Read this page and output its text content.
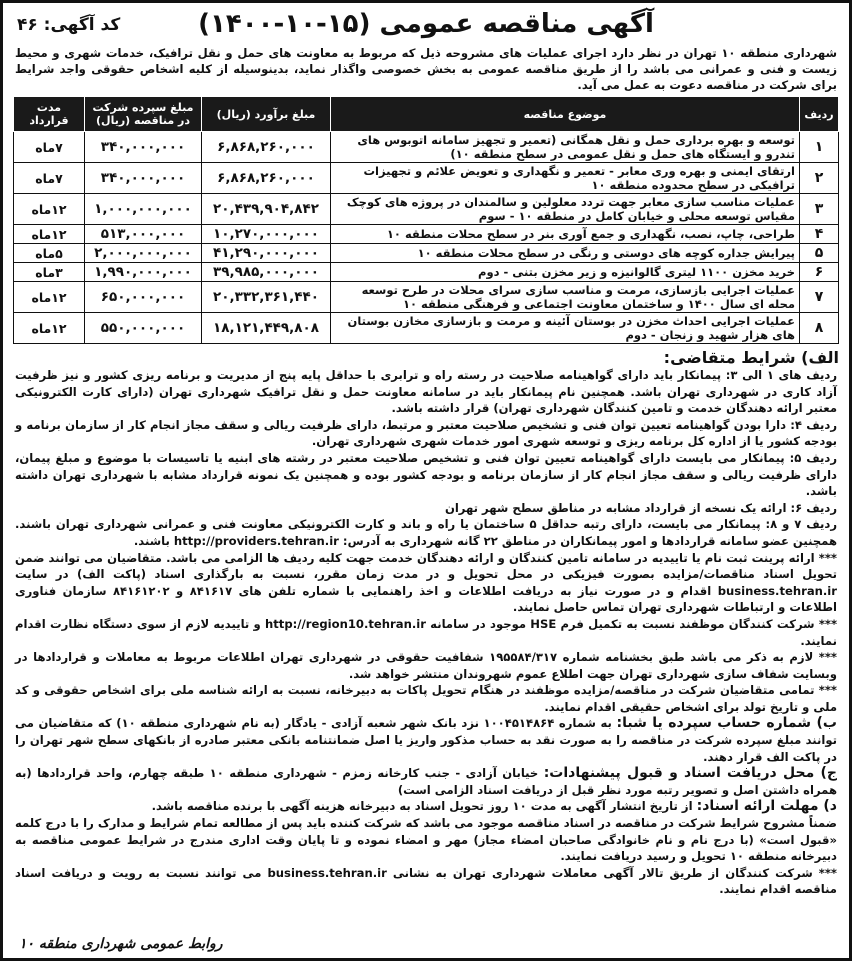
کد آگهی: ۴۶	آگهی مناقصه عمومی (۱۵-۱۰-۱۴۰۰)
شهرداری منطقه ۱۰ تهران در نظر دارد اجرای عملیات های مشروحه ذیل که مربوط به معاونت های حمل و نقل ترافیک، خدمات شهری و محیط زیست و فنی و عمرانی می باشد را از طریق مناقصه عمومی به بخش خصوصی واگذار نماید، بدینوسیله از کلیه اشخاص حقوقی واجد شرایط برای شرکت در مناقصه دعوت به عمل می آید.
ردیف	موضوع مناقصه	مبلغ برآورد (ریال)	مبلغ سپرده شرکت در مناقصه (ریال)	مدت قرارداد
۱	توسعه و بهره برداری حمل و نقل همگانی (تعمیر و تجهیز سامانه اتوبوس های تندرو و ایستگاه های حمل و نقل عمومی در سطح منطقه ۱۰)	۶,۸۶۸,۲۶۰,۰۰۰	۳۴۰,۰۰۰,۰۰۰	۷ماه
۲	ارتقای ایمنی و بهره وری معابر - تعمیر و نگهداری و تعویض علائم و تجهیزات ترافیکی در سطح محدوده منطقه ۱۰	۶,۸۶۸,۲۶۰,۰۰۰	۳۴۰,۰۰۰,۰۰۰	۷ماه
۳	عملیات مناسب سازی معابر جهت تردد معلولین و سالمندان در پروژه های کوچک مقیاس توسعه محلی و خیابان کامل در منطقه ۱۰ - سوم	۲۰,۴۳۹,۹۰۴,۸۴۲	۱,۰۰۰,۰۰۰,۰۰۰	۱۲ماه
۴	طراحی، چاپ، نصب، نگهداری و جمع آوری بنر در سطح محلات منطقه ۱۰	۱۰,۲۷۰,۰۰۰,۰۰۰	۵۱۳,۰۰۰,۰۰۰	۱۲ماه
۵	پیرایش جداره کوچه های دوستی و رنگی در سطح محلات منطقه ۱۰	۴۱,۲۹۰,۰۰۰,۰۰۰	۲,۰۰۰,۰۰۰,۰۰۰	۵ماه
۶	خرید مخزن ۱۱۰۰ لیتری گالوانیزه و زیر مخزن بتنی - دوم	۳۹,۹۸۵,۰۰۰,۰۰۰	۱,۹۹۰,۰۰۰,۰۰۰	۳ماه
۷	عملیات اجرایی بازسازی، مرمت و مناسب سازی سرای محلات در طرح توسعه محله ای سال ۱۴۰۰ و ساختمان معاونت اجتماعی و فرهنگی منطقه ۱۰	۲۰,۳۳۲,۳۶۱,۴۴۰	۶۵۰,۰۰۰,۰۰۰	۱۲ماه
۸	عملیات اجرایی احداث مخزن در بوستان آئینه و مرمت و بازسازی مخازن بوستان های هزار شهید و زنجان - دوم	۱۸,۱۲۱,۴۴۹,۸۰۸	۵۵۰,۰۰۰,۰۰۰	۱۲ماه
الف) شرایط متقاضی:
ردیف های ۱ الی ۳: پیمانکار باید دارای گواهینامه صلاحیت در رسته راه و ترابری با حداقل پایه پنج از مدیریت و برنامه ریزی کشور و نیز ظرفیت آزاد کاری در شهرداری تهران باشد. همچنین نام پیمانکار باید در سامانه معاونت حمل و نقل ترافیک شهرداری تهران (دارای کارت الکترونیکی معتبر ارائه دهندگان خدمت و تامین کنندگان شهرداری تهران) قرار داشته باشد.
ردیف ۴: دارا بودن گواهینامه تعیین توان فنی و تشخیص صلاحیت معتبر و مرتبط، دارای ظرفیت ریالی و سقف مجاز انجام کار از سازمان برنامه و بودجه کشور یا از اداره کل برنامه ریزی و توسعه شهری امور خدمات شهری شهرداری تهران.
ردیف ۵: پیمانکار می بایست دارای گواهینامه تعیین توان فنی و تشخیص صلاحیت معتبر در رشته های ابنیه یا تاسیسات با موضوع و مبلغ پیمان، دارای ظرفیت ریالی و سقف مجاز انجام کار از سازمان برنامه و بودجه کشور بوده و همچنین یک نمونه قرارداد مشابه با شهرداری تهران داشته باشد.
ردیف ۶: ارائه یک نسخه از قرارداد مشابه در مناطق سطح شهر تهران
ردیف ۷ و ۸: پیمانکار می بایست، دارای رتبه حداقل ۵ ساختمان یا راه و باند و کارت الکترونیکی معاونت فنی و عمرانی شهرداری تهران باشند. همچنین عضو سامانه قراردادها و امور پیمانکاران در مناطق ۲۲ گانه شهرداری به آدرس: http://providers.tehran.ir باشند.
*** ارائه پرینت ثبت نام یا تاییدیه در سامانه تامین کنندگان و ارائه دهندگان خدمت جهت کلیه ردیف ها الزامی می باشد. متقاضیان می توانند ضمن تحویل اسناد مناقصات/مزایده بصورت فیزیکی در محل تحویل و در مدت زمان مقرر، نسبت به بارگذاری اسناد (پاکت الف) در سایت business.tehran.ir اقدام و در صورت نیاز به دریافت اطلاعات و اخذ راهنمایی با شماره تلفن های ۸۴۱۶۱۷ و ۸۴۱۶۱۲۰۲ سازمان فناوری اطلاعات و ارتباطات شهرداری تهران تماس حاصل نمایند.
*** شرکت کنندگان موظفند نسبت به تکمیل فرم HSE موجود در سامانه http://region10.tehran.ir و تاییدیه لازم از سوی دستگاه نظارت اقدام نمایند.
*** لازم به ذکر می باشد طبق بخشنامه شماره ۱۹۵۵۸۴/۳۱۷ شفافیت حقوقی در شهرداری تهران اطلاعات مربوط به معاملات و قراردادها در وبسایت شفاف سازی شهرداری تهران جهت اطلاع عموم شهروندان منتشر خواهد شد.
*** تمامی متقاضیان شرکت در مناقصه/مزایده موظفند در هنگام تحویل پاکات به دبیرخانه، نسبت به ارائه شناسه ملی برای اشخاص حقوقی و کد ملی و تاریخ تولد برای اشخاص حقیقی اقدام نمایند.
ب) شماره حساب سپرده یا شبا: به شماره ۱۰۰۴۵۱۴۸۶۴ نزد بانک شهر شعبه آزادی - یادگار (به نام شهرداری منطقه ۱۰) که متقاضیان می توانند مبلغ سپرده شرکت در مناقصه را به صورت نقد به حساب مذکور واریز یا اصل ضمانتنامه بانکی معتبر صادره از بانکهای سطح شهر تهران را در پاکت الف قرار دهند.
ج) محل دریافت اسناد و قبول پیشنهادات: خیابان آزادی - جنب کارخانه زمزم - شهرداری منطقه ۱۰ طبقه چهارم، واحد قراردادها (به همراه داشتن اصل و تصویر رتبه مورد نظر قبل از دریافت اسناد الزامی است)
د) مهلت ارائه اسناد: از تاریخ انتشار آگهی به مدت ۱۰ روز تحویل اسناد به دبیرخانه هزینه آگهی با برنده مناقصه باشد.
ضمناً مشروح شرایط شرکت در مناقصه در اسناد مناقصه موجود می باشد که شرکت کننده باید پس از مطالعه تمام شرایط و مدارک را با درج کلمه «قبول است» (با درج نام و نام خانوادگی صاحبان امضاء مجاز) مهر و امضاء نموده و تا پایان وقت اداری مندرج در شرایط عمومی مناقصه به دبیرخانه منطقه ۱۰ تحویل و رسید دریافت نمایند.
*** شرکت کنندگان از طریق تالار آگهی معاملات شهرداری تهران به نشانی business.tehran.ir می توانند نسبت به رویت و دریافت اسناد مناقصه اقدام نمایند.
روابط عمومی شهرداری منطقه ۱۰
